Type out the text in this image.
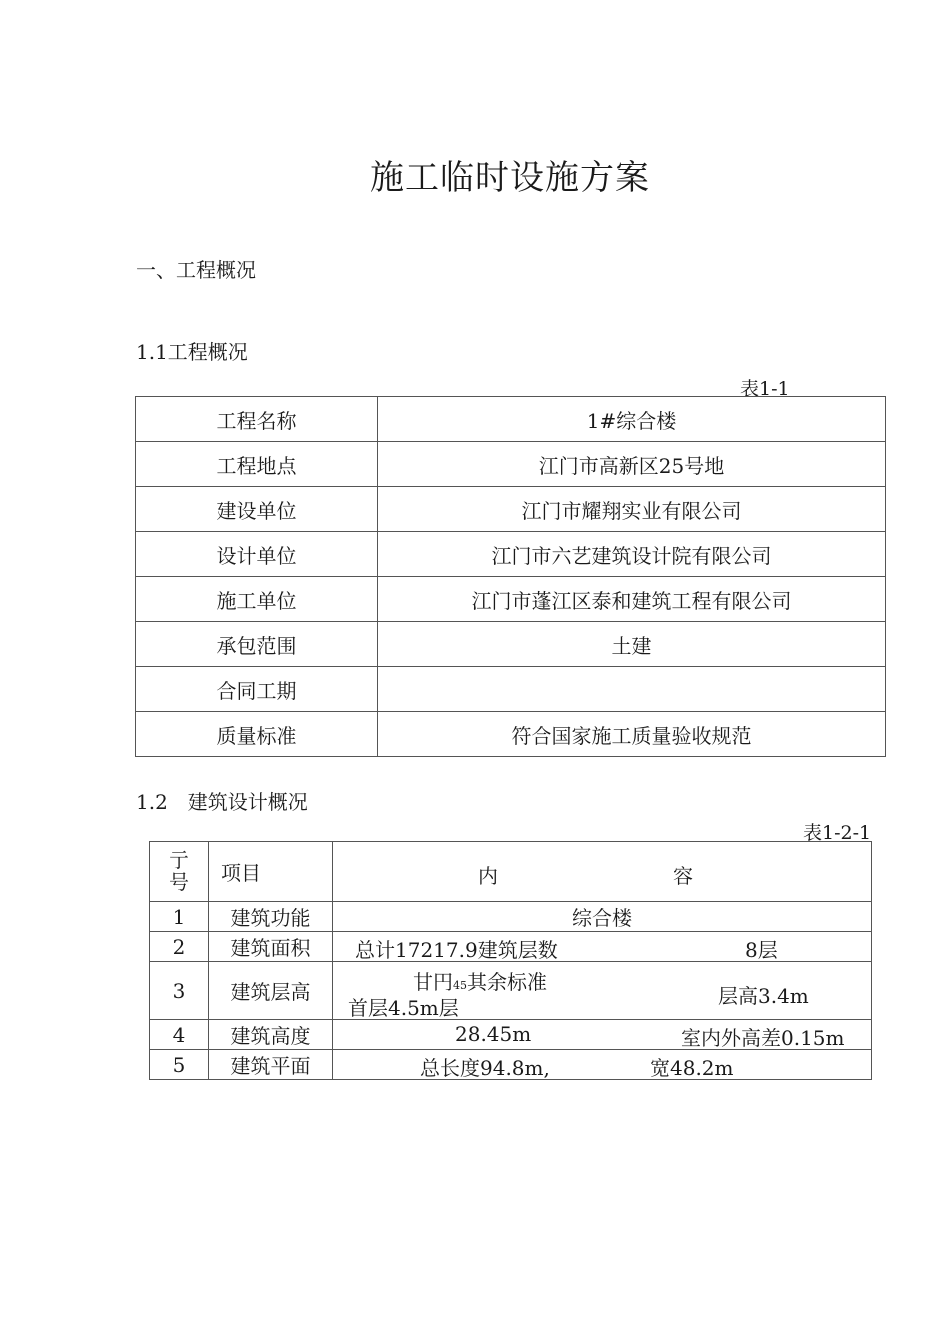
施工临时设施方案
一、工程概况
1.1工程概况
表1-1
工程名称	1#综合楼
工程地点	江门市高新区25号地
建设单位	江门市耀翔实业有限公司
设计单位	江门市六艺建筑设计院有限公司
施工单位	江门市蓬江区泰和建筑工程有限公司
承包范围	土建
合同工期	
质量标准	符合国家施工质量验收规范
1.2　建筑设计概况
表1-2-1
亍号	项目	内 容

1	建筑功能	综合楼
2	建筑面积	总计17217.9建筑层数 8层

3	建筑层高	甘円45其余标准
首层4.5m层 层高3.4m

4	建筑高度	28.45m 室内外高差0.15m

5	建筑平面	总长度94.8m, 宽48.2m
